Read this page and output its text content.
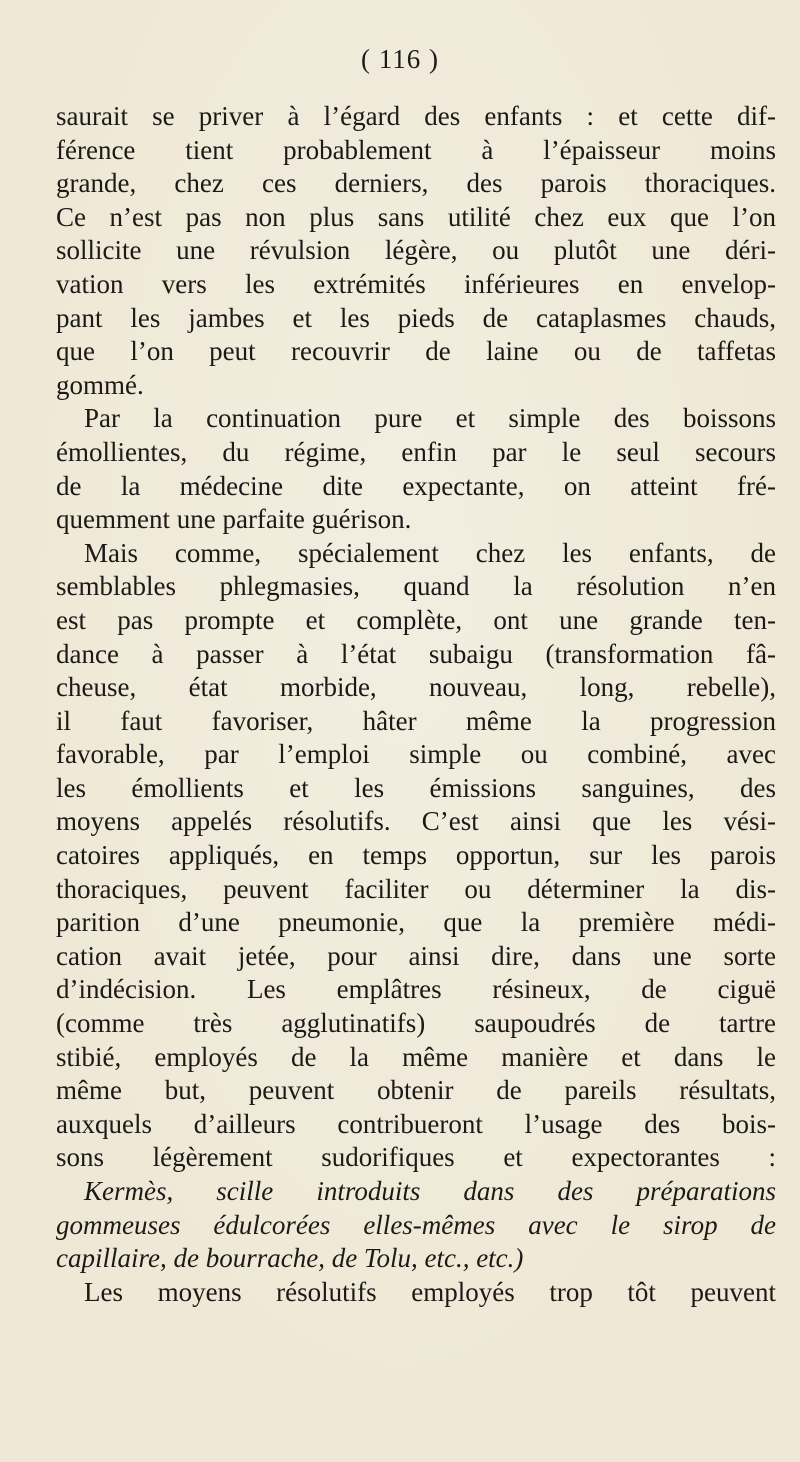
( 116 )
saurait se priver à l’égard des enfants : et cette dif-
férence tient probablement à l’épaisseur moins
grande, chez ces derniers, des parois thoraciques.
Ce n’est pas non plus sans utilité chez eux que l’on
sollicite une révulsion légère, ou plutôt une déri-
vation vers les extrémités inférieures en envelop-
pant les jambes et les pieds de cataplasmes chauds,
que l’on peut recouvrir de laine ou de taffetas
gommé.
Par la continuation pure et simple des boissons
émollientes, du régime, enfin par le seul secours
de la médecine dite expectante, on atteint fré-
quemment une parfaite guérison.
Mais comme, spécialement chez les enfants, de
semblables phlegmasies, quand la résolution n’en
est pas prompte et complète, ont une grande ten-
dance à passer à l’état subaigu (transformation fâ-
cheuse, état morbide, nouveau, long, rebelle),
il faut favoriser, hâter même la progression
favorable, par l’emploi simple ou combiné, avec
les émollients et les émissions sanguines, des
moyens appelés résolutifs. C’est ainsi que les vési-
catoires appliqués, en temps opportun, sur les parois
thoraciques, peuvent faciliter ou déterminer la dis-
parition d’une pneumonie, que la première médi-
cation avait jetée, pour ainsi dire, dans une sorte
d’indécision. Les emplâtres résineux, de ciguë
(comme très agglutinatifs) saupoudrés de tartre
stibié, employés de la même manière et dans le
même but, peuvent obtenir de pareils résultats,
auxquels d’ailleurs contribueront l’usage des bois-
sons légèrement sudorifiques et expectorantes :
Kermès, scille introduits dans des préparations
gommeuses édulcorées elles-mêmes avec le sirop de
capillaire, de bourrache, de Tolu, etc., etc.)
Les moyens résolutifs employés trop tôt peuvent
